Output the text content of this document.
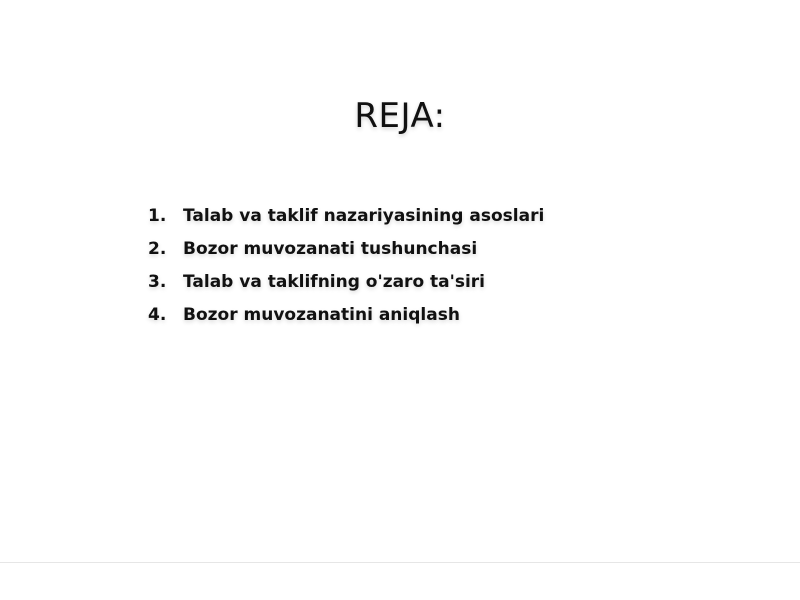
REJA:
1. Talab va taklif nazariyasining asoslari
2. Bozor muvozanati tushunchasi
3. Talab va taklifning o'zaro ta'siri
4. Bozor muvozanatini aniqlash
